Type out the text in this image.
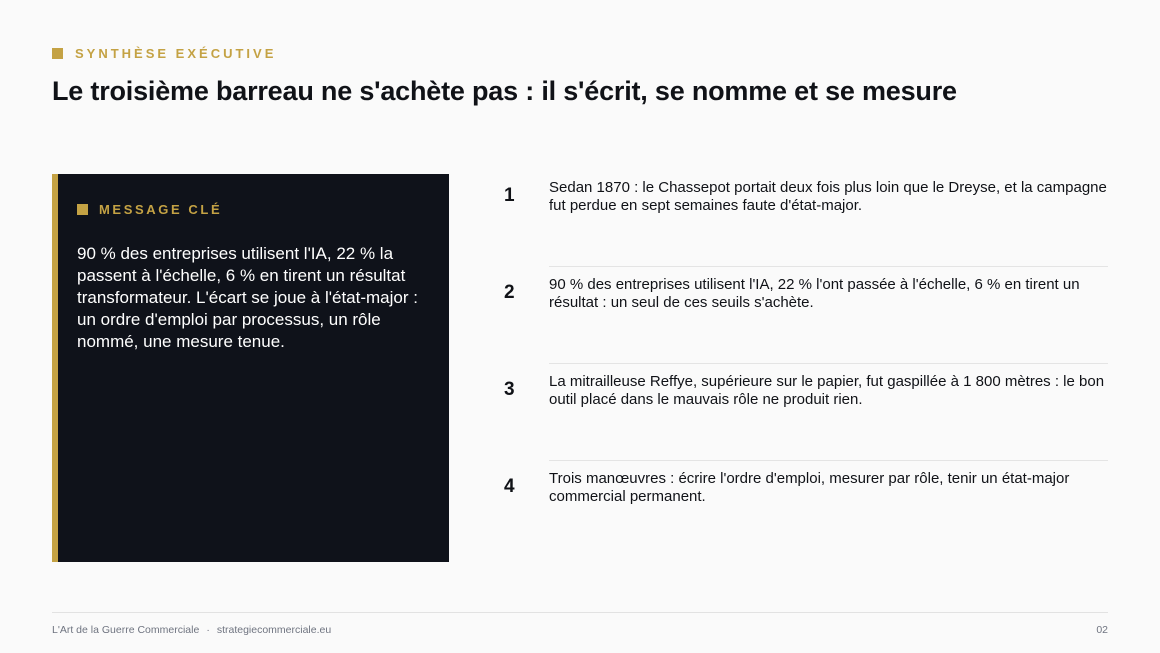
SYNTHÈSE EXÉCUTIVE
Le troisième barreau ne s'achète pas : il s'écrit, se nomme et se mesure
MESSAGE CLÉ
90 % des entreprises utilisent l'IA, 22 % la passent à l'échelle, 6 % en tirent un résultat transformateur. L'écart se joue à l'état-major : un ordre d'emploi par processus, un rôle nommé, une mesure tenue.
1 Sedan 1870 : le Chassepot portait deux fois plus loin que le Dreyse, et la campagne fut perdue en sept semaines faute d'état-major.
2 90 % des entreprises utilisent l'IA, 22 % l'ont passée à l'échelle, 6 % en tirent un résultat : un seul de ces seuils s'achète.
3 La mitrailleuse Reffye, supérieure sur le papier, fut gaspillée à 1 800 mètres : le bon outil placé dans le mauvais rôle ne produit rien.
4 Trois manœuvres : écrire l'ordre d'emploi, mesurer par rôle, tenir un état-major commercial permanent.
L'Art de la Guerre Commerciale · strategiecommerciale.eu	02
